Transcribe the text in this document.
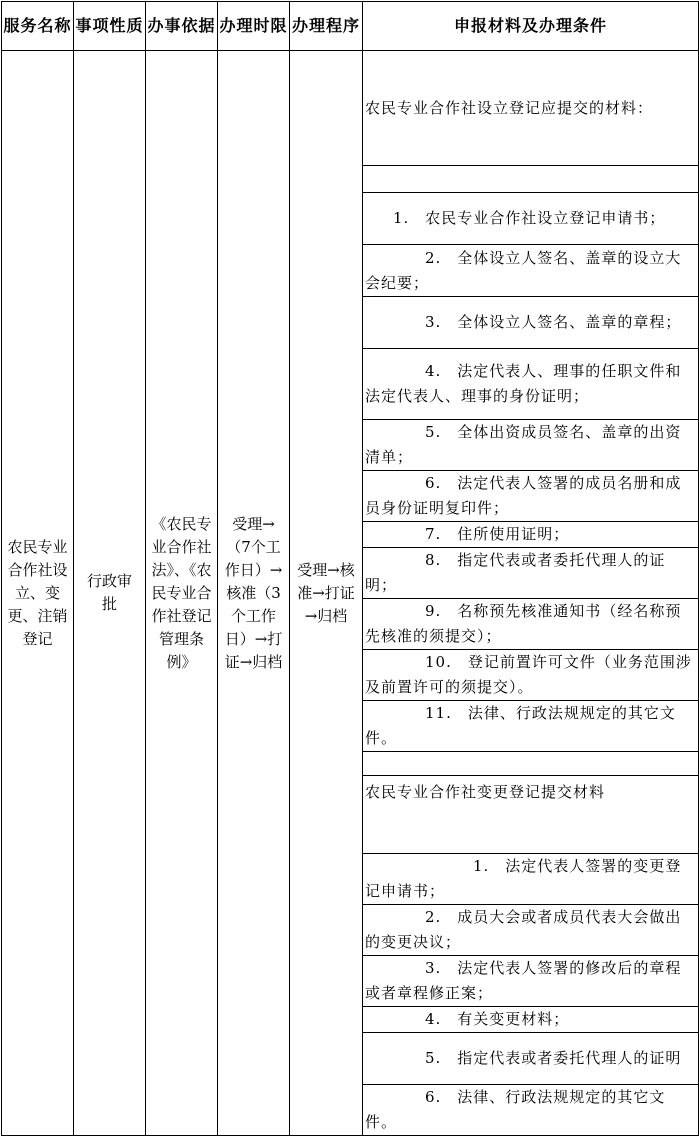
服务名称	事项性质	办事依据	办理时限	办理程序	申报材料及办理条件

农民专业合作社设立、变更、注销登记	行政审批	《农民专业合作社法》、《农民专业合作社登记管理条例》	受理→（7个工作日）→核准（3个工作日）→打证→归档	受理→核准→打证→归档	农民专业合作社设立登记应提交的材料：

					1.　农民专业合作社设立登记申请书；

					2.　全体设立人签名、盖章的设立大会纪要；

					3.　全体设立人签名、盖章的章程；

					4.　法定代表人、理事的任职文件和法定代表人、理事的身份证明；

					5.　全体出资成员签名、盖章的出资清单；

					6.　法定代表人签署的成员名册和成员身份证明复印件；

					7.　住所使用证明；

					8.　指定代表或者委托代理人的证明；

					9.　名称预先核准通知书（经名称预先核准的须提交）；

					10.　登记前置许可文件（业务范围涉及前置许可的须提交）。

					11.　法律、行政法规规定的其它文件。

					农民专业合作社变更登记提交材料

					1.　法定代表人签署的变更登记申请书；

					2.　成员大会或者成员代表大会做出的变更决议；

					3.　法定代表人签署的修改后的章程或者章程修正案；

					4.　有关变更材料；

					5.　指定代表或者委托代理人的证明

					6.　法律、行政法规规定的其它文件。
